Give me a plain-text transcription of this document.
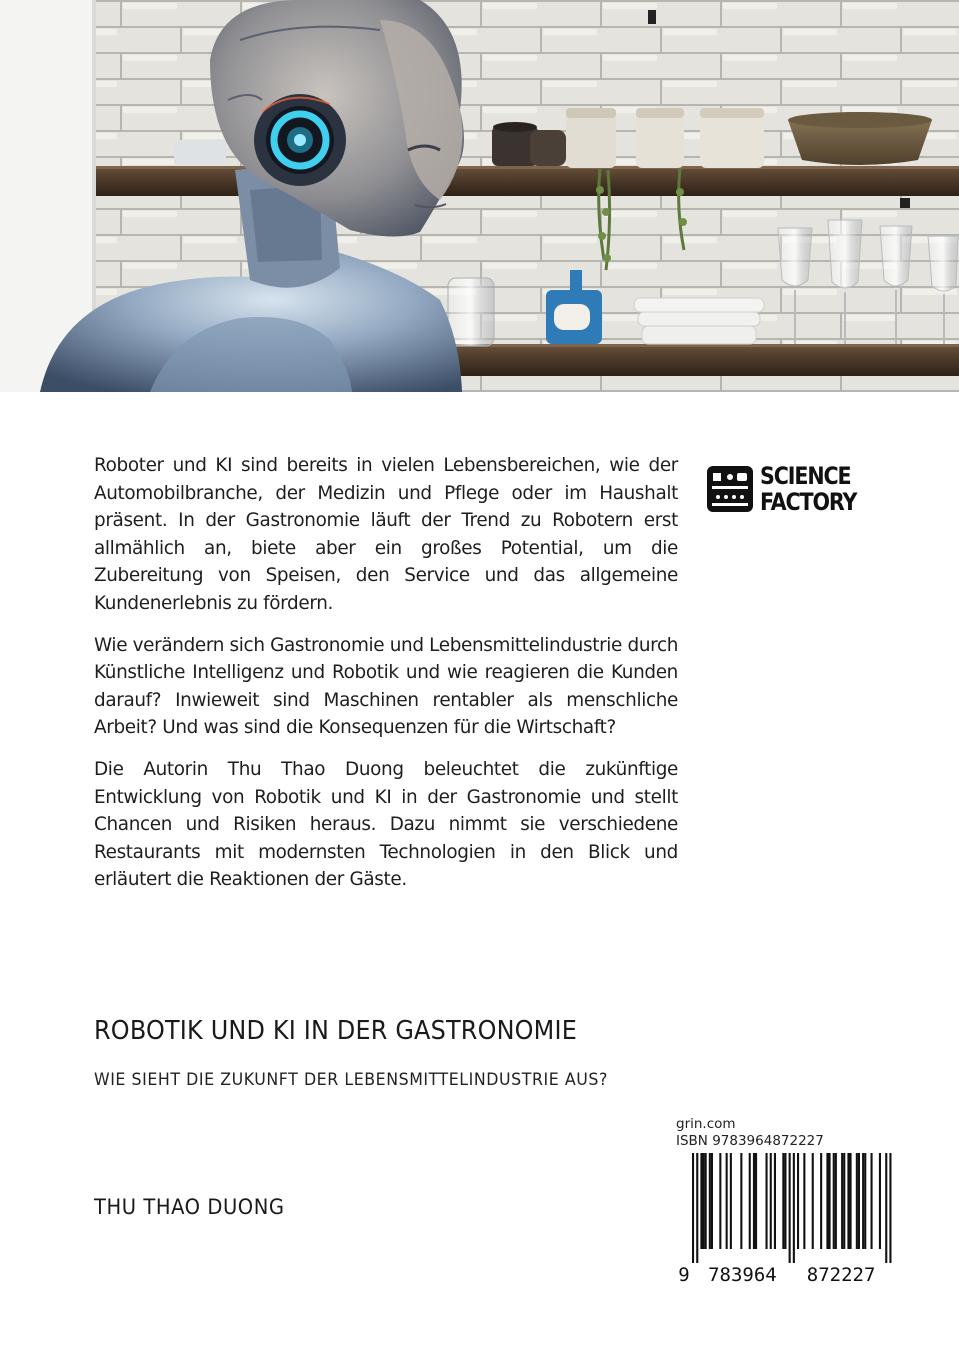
Roboter und KI sind bereits in vielen Lebensbereichen, wie der Automobilbranche, der Medizin und Pflege oder im Haushalt präsent. In der Gastronomie läuft der Trend zu Robotern erst allmählich an, biete aber ein großes Potential, um die Zubereitung von Speisen, den Service und das allgemeine Kundenerlebnis zu fördern.

Wie verändern sich Gastronomie und Lebensmittelindustrie durch Künstliche Intelligenz und Robotik und wie reagieren die Kunden darauf? Inwieweit sind Maschinen rentabler als menschliche Arbeit? Und was sind die Konsequenzen für die Wirtschaft?

Die Autorin Thu Thao Duong beleuchtet die zukünftige Entwicklung von Robotik und KI in der Gastronomie und stellt Chancen und Risiken heraus. Dazu nimmt sie verschiedene Restaurants mit modernsten Technologien in den Blick und erläutert die Reaktionen der Gäste.

SCIENCE
FACTORY
ROBOTIK UND KI IN DER GASTRONOMIE
WIE SIEHT DIE ZUKUNFT DER LEBENSMITTELINDUSTRIE AUS?
THU THAO DUONG
grin.com
ISBN 9783964872227
9 783964 872227
